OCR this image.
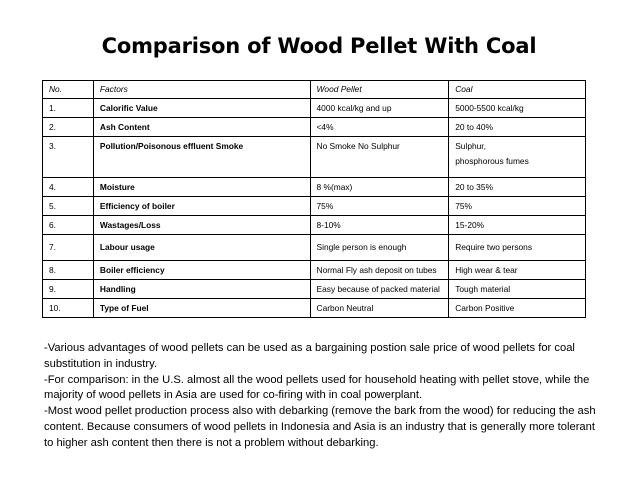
Comparison of Wood Pellet With Coal
No.	Factors	Wood Pellet	Coal
1.	Calorific Value	4000 kcal/kg and up	5000-5500 kcal/kg
2.	Ash Content	<4%	20 to 40%
3.	Pollution/Poisonous effluent Smoke	No Smoke No Sulphur	Sulphur,
phosphorous fumes

4.	Moisture	8 %(max)	20 to 35%
5.	Efficiency of boiler	75%	75%
6.	Wastages/Loss	8-10%	15-20%
7.	Labour usage	Single person is enough	Require two persons
8.	Boiler efficiency	Normal Fly ash deposit on tubes	High wear & tear
9.	Handling	Easy because of packed material	Tough material
10.	Type of Fuel	Carbon Neutral	Carbon Positive

-Various advantages of wood pellets can be used as a bargaining postion sale price of wood pellets for coal substitution in industry.

-For comparison: in the U.S. almost all the wood pellets used for household heating with pellet stove, while the majority of wood pellets in Asia are used for co-firing with in coal powerplant.

-Most wood pellet production process also with debarking (remove the bark from the wood) for reducing the ash content. Because consumers of wood pellets in Indonesia and Asia is an industry that is generally more tolerant to higher ash content then there is not a problem without debarking.
